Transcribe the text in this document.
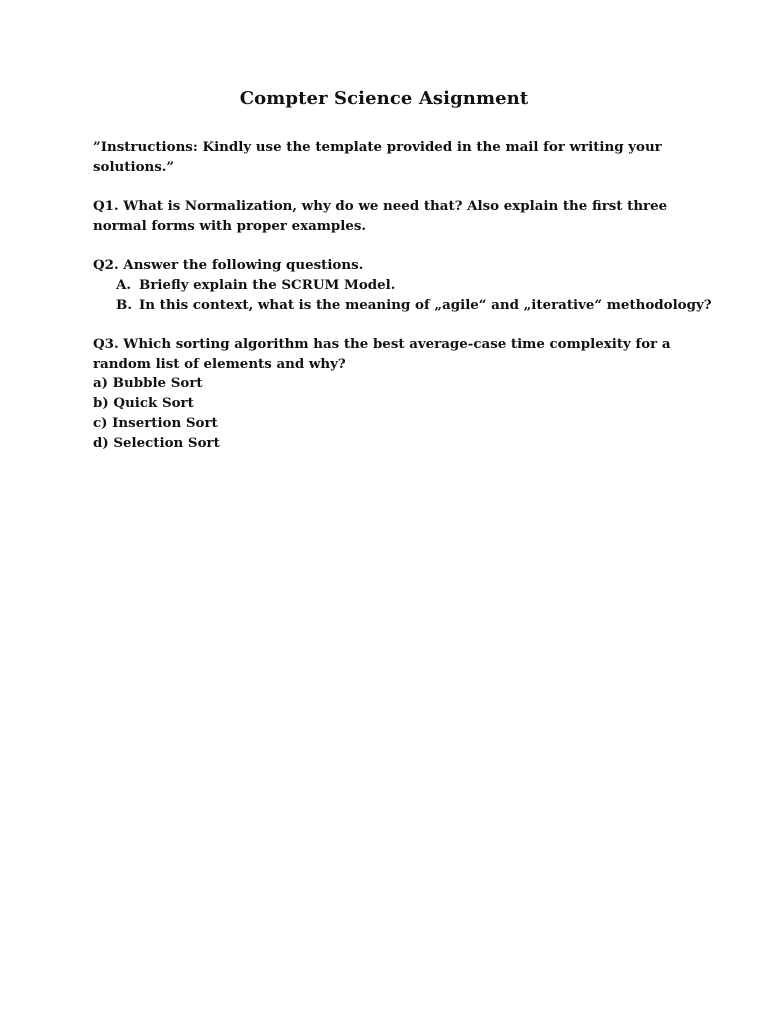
Compter Science Asignment
”Instructions: Kindly use the template provided in the mail for writing your
solutions.”
Q1. What is Normalization, why do we need that? Also explain the first three
normal forms with proper examples.
Q2. Answer the following questions.
A. Briefly explain the SCRUM Model.
B. In this context, what is the meaning of „agile“ and „iterative“ methodology?
Q3. Which sorting algorithm has the best average-case time complexity for a
random list of elements and why?
a) Bubble Sort
b) Quick Sort
c) Insertion Sort
d) Selection Sort
